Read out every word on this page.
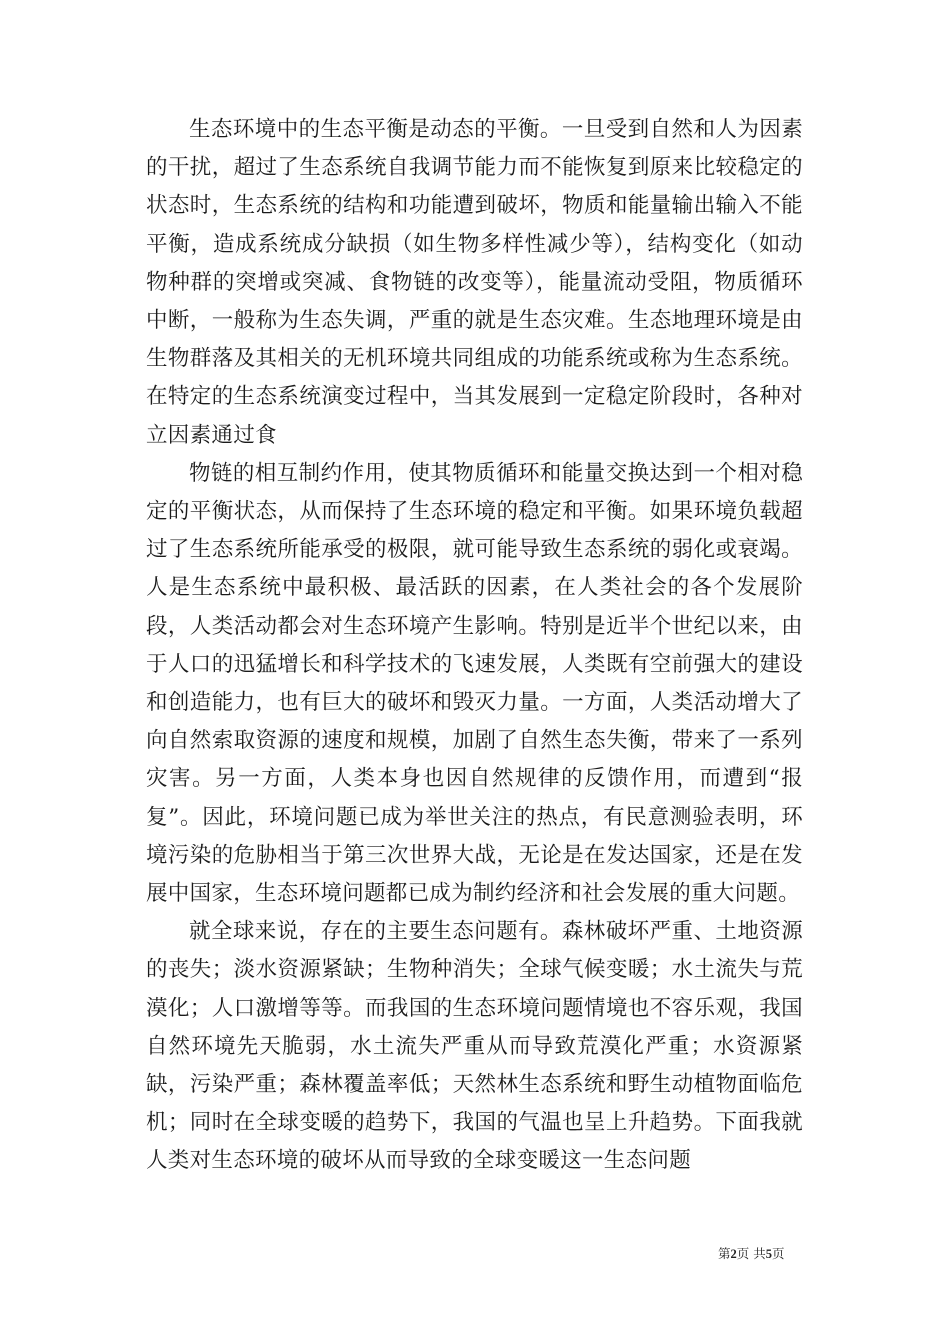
生态环境中的生态平衡是动态的平衡。一旦受到自然和人为因素的干扰，超过了生态系统自我调节能力而不能恢复到原来比较稳定的状态时，生态系统的结构和功能遭到破坏，物质和能量输出输入不能平衡，造成系统成分缺损（如生物多样性减少等），结构变化（如动物种群的突增或突减、食物链的改变等），能量流动受阻，物质循环中断，一般称为生态失调，严重的就是生态灾难。生态地理环境是由生物群落及其相关的无机环境共同组成的功能系统或称为生态系统。在特定的生态系统演变过程中，当其发展到一定稳定阶段时，各种对立因素通过食

物链的相互制约作用，使其物质循环和能量交换达到一个相对稳定的平衡状态，从而保持了生态环境的稳定和平衡。如果环境负载超过了生态系统所能承受的极限，就可能导致生态系统的弱化或衰竭。人是生态系统中最积极、最活跃的因素，在人类社会的各个发展阶段，人类活动都会对生态环境产生影响。特别是近半个世纪以来，由于人口的迅猛增长和科学技术的飞速发展，人类既有空前强大的建设和创造能力，也有巨大的破坏和毁灭力量。一方面，人类活动增大了向自然索取资源的速度和规模，加剧了自然生态失衡，带来了一系列灾害。另一方面，人类本身也因自然规律的反馈作用，而遭到“报复”。因此，环境问题已成为举世关注的热点，有民意测验表明，环境污染的危胁相当于第三次世界大战，无论是在发达国家，还是在发展中国家，生态环境问题都已成为制约经济和社会发展的重大问题。

就全球来说，存在的主要生态问题有。森林破坏严重、土地资源的丧失；淡水资源紧缺；生物种消失；全球气候变暖；水土流失与荒漠化；人口激增等等。而我国的生态环境问题情境也不容乐观，我国自然环境先天脆弱，水土流失严重从而导致荒漠化严重；水资源紧缺，污染严重；森林覆盖率低；天然林生态系统和野生动植物面临危机；同时在全球变暖的趋势下，我国的气温也呈上升趋势。下面我就人类对生态环境的破坏从而导致的全球变暖这一生态问题

第2页 共5页
